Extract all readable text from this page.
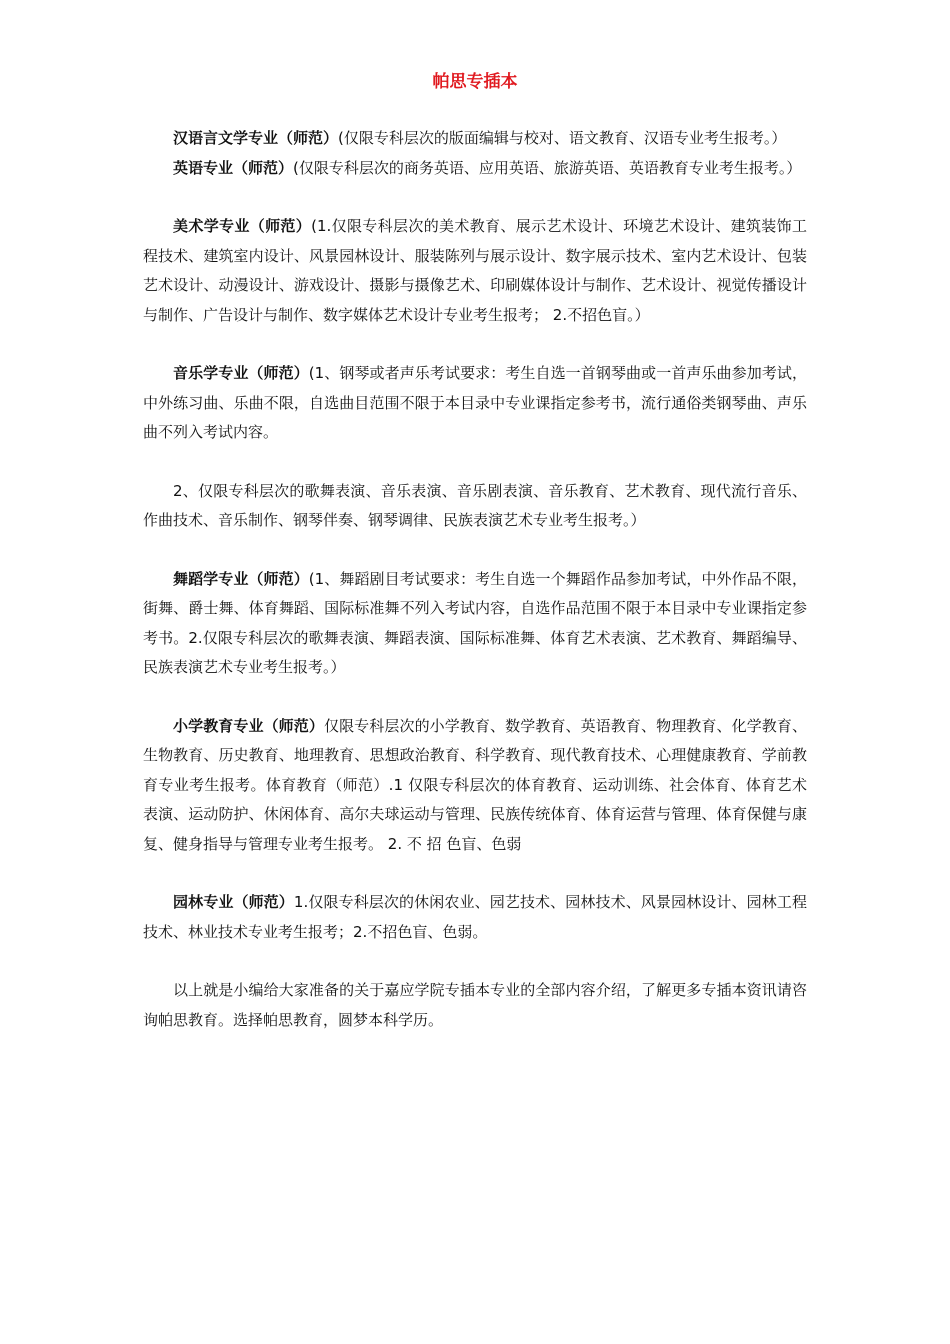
帕思专插本

汉语言文学专业（师范）(仅限专科层次的版面编辑与校对、语文教育、汉语专业考生报考。）

英语专业（师范）(仅限专科层次的商务英语、应用英语、旅游英语、英语教育专业考生报考。）

美术学专业（师范）(1.仅限专科层次的美术教育、展示艺术设计、环境艺术设计、建筑装饰工程技术、建筑室内设计、风景园林设计、服装陈列与展示设计、数字展示技术、室内艺术设计、包装艺术设计、动漫设计、游戏设计、摄影与摄像艺术、印刷媒体设计与制作、艺术设计、视觉传播设计与制作、广告设计与制作、数字媒体艺术设计专业考生报考； 2.不招色盲。）

音乐学专业（师范）(1、钢琴或者声乐考试要求：考生自选一首钢琴曲或一首声乐曲参加考试，中外练习曲、乐曲不限，自选曲目范围不限于本目录中专业课指定参考书，流行通俗类钢琴曲、声乐曲不列入考试内容。

2、仅限专科层次的歌舞表演、音乐表演、音乐剧表演、音乐教育、艺术教育、现代流行音乐、作曲技术、音乐制作、钢琴伴奏、钢琴调律、民族表演艺术专业考生报考。）

舞蹈学专业（师范）(1、舞蹈剧目考试要求：考生自选一个舞蹈作品参加考试，中外作品不限，街舞、爵士舞、体育舞蹈、国际标准舞不列入考试内容，自选作品范围不限于本目录中专业课指定参考书。2.仅限专科层次的歌舞表演、舞蹈表演、国际标准舞、体育艺术表演、艺术教育、舞蹈编导、民族表演艺术专业考生报考。）

小学教育专业（师范）仅限专科层次的小学教育、数学教育、英语教育、物理教育、化学教育、生物教育、历史教育、地理教育、思想政治教育、科学教育、现代教育技术、心理健康教育、学前教育专业考生报考。体育教育（师范）.1 仅限专科层次的体育教育、运动训练、社会体育、体育艺术表演、运动防护、休闲体育、高尔夫球运动与管理、民族传统体育、体育运营与管理、体育保健与康复、健身指导与管理专业考生报考。 2. 不 招 色盲、色弱

园林专业（师范）1.仅限专科层次的休闲农业、园艺技术、园林技术、风景园林设计、园林工程技术、林业技术专业考生报考；2.不招色盲、色弱。

以上就是小编给大家准备的关于嘉应学院专插本专业的全部内容介绍，了解更多专插本资讯请咨询帕思教育。选择帕思教育，圆梦本科学历。
